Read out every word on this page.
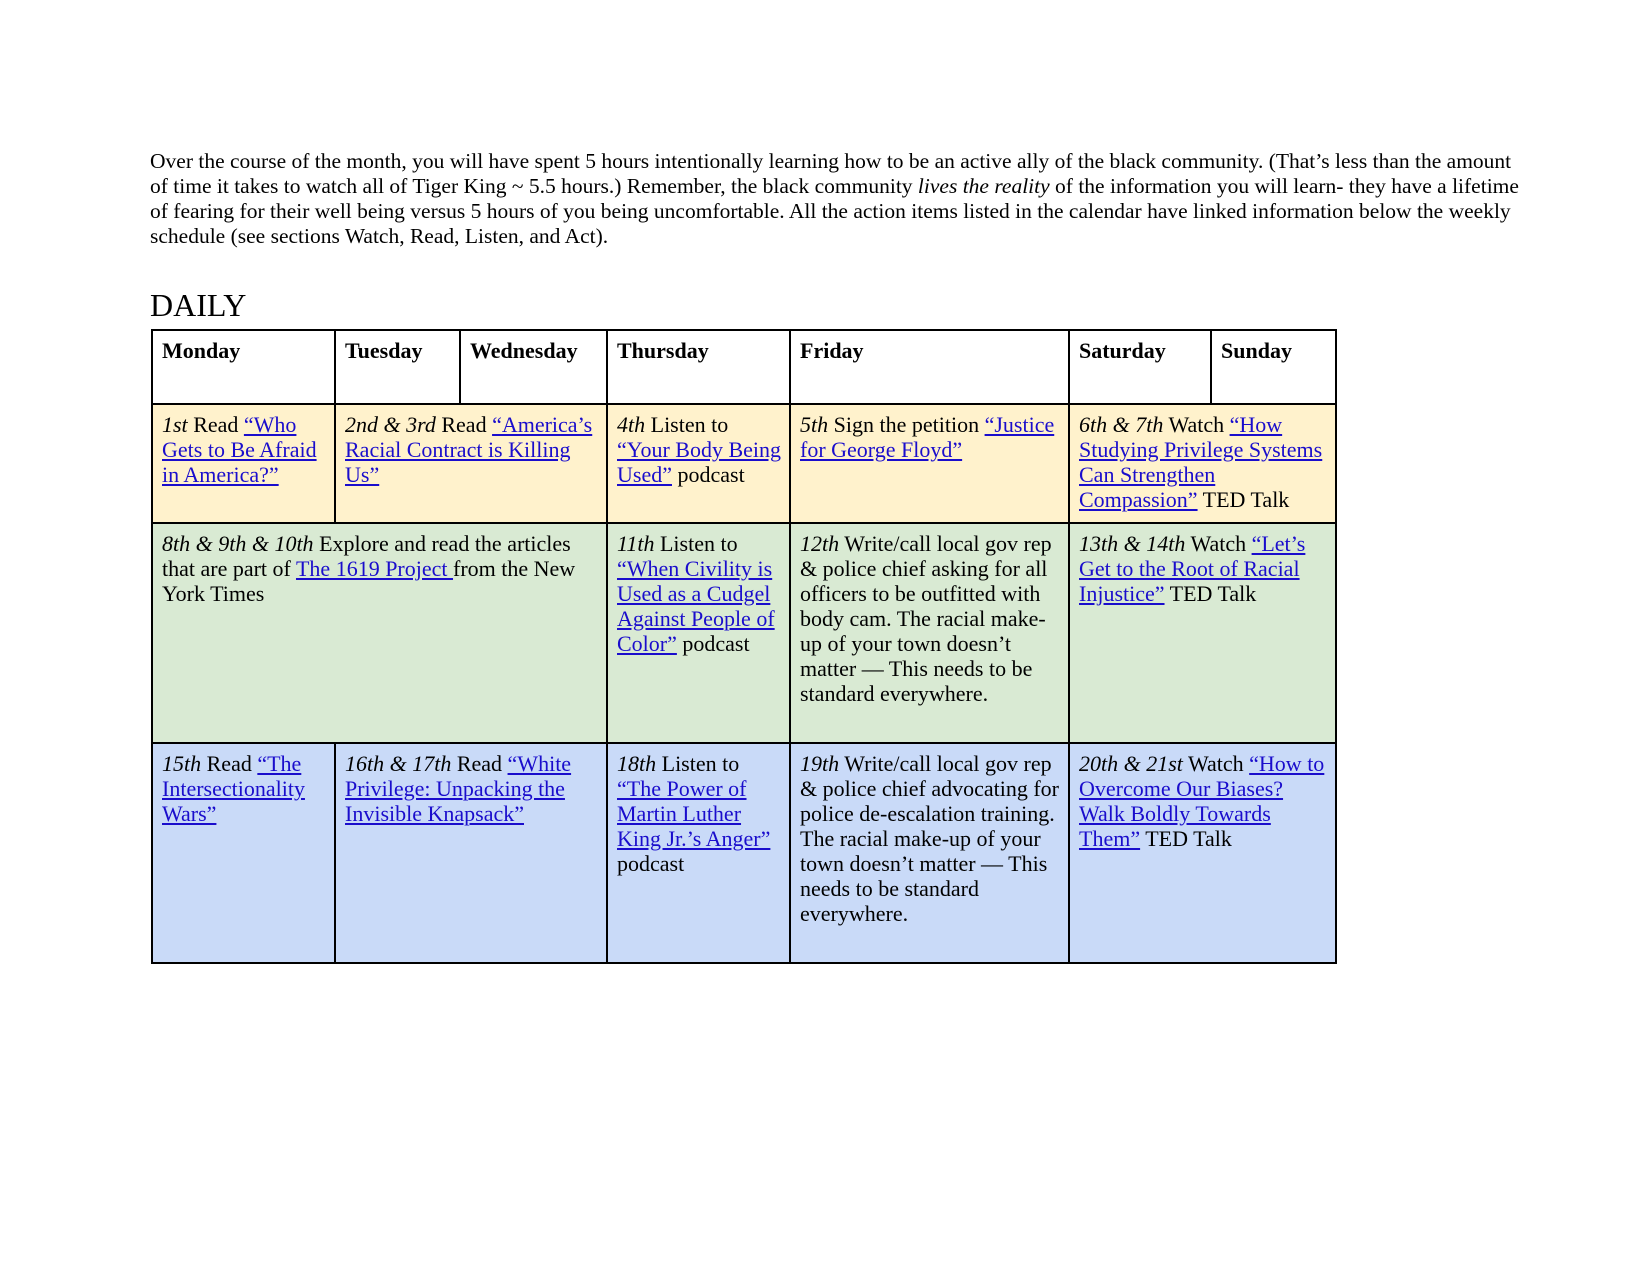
Over the course of the month, you will have spent 5 hours intentionally learning how to be an active ally of the black community. (That’s less than the amount of time it takes to watch all of Tiger King ~ 5.5 hours.) Remember, the black community lives the reality of the information you will learn- they have a lifetime of fearing for their well being versus 5 hours of you being uncomfortable. All the action items listed in the calendar have linked information below the weekly schedule (see sections Watch, Read, Listen, and Act).

DAILY
Monday	Tuesday	Wednesday	Thursday	Friday	Saturday	Sunday
1st Read “Who Gets to Be Afraid in America?”	2nd & 3rd Read “America’s Racial Contract is Killing Us”		4th Listen to “Your Body Being Used” podcast	5th Sign the petition “Justice for George Floyd”	6th & 7th Watch “How Studying Privilege Systems Can Strengthen Compassion” TED Talk	
8th & 9th & 10th Explore and read the articles that are part of The 1619 Project from the New York Times			11th Listen to “When Civility is Used as a Cudgel Against People of Color” podcast	12th Write/call local gov rep & police chief asking for all officers to be outfitted with body cam. The racial make-up of your town doesn’t matter — This needs to be standard everywhere.	13th & 14th Watch “Let’s Get to the Root of Racial Injustice” TED Talk	
15th Read “The Intersectionality Wars”	16th & 17th Read “White Privilege: Unpacking the Invisible Knapsack”		18th Listen to “The Power of Martin Luther King Jr.’s Anger” podcast	19th Write/call local gov rep & police chief advocating for police de-escalation training. The racial make-up of your town doesn’t matter — This needs to be standard everywhere.	20th & 21st Watch “How to Overcome Our Biases? Walk Boldly Towards Them” TED Talk	
